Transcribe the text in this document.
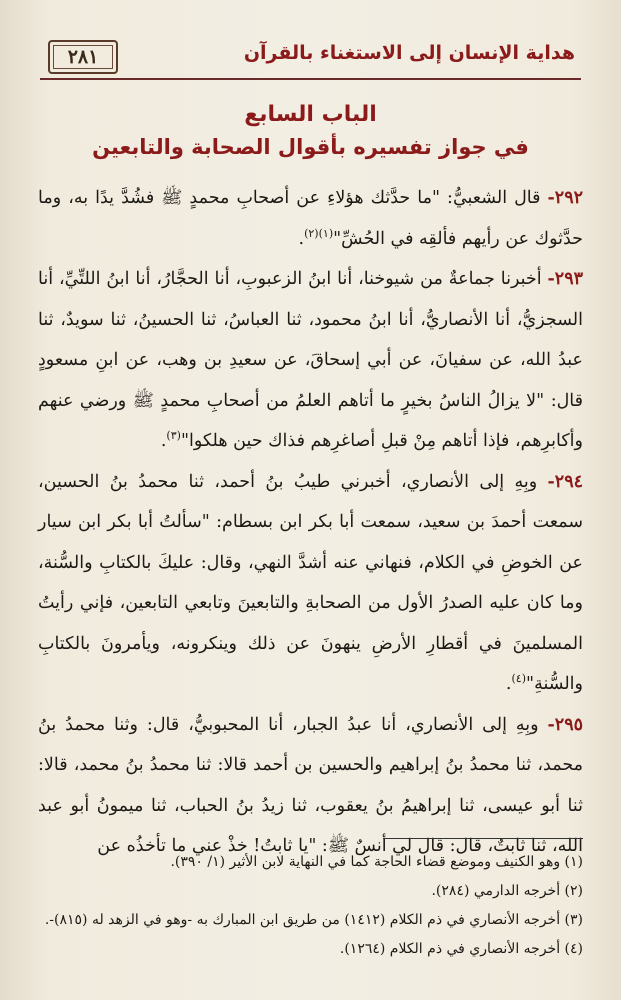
هداية الإنسان إلى الاستغناء بالقرآن
٢٨١
الباب السابع
في جواز تفسيره بأقوال الصحابة والتابعين

٢٩٢- قال الشعبيُّ: "ما حدَّثك هؤلاءِ عن أصحابِ محمدٍ ﷺ فشُدَّ يدًا به، وما حدَّثوك عن رأيهم فألقِه في الحُشِّ"$^{(١)(٢)}$.

٢٩٣- أخبرنا جماعةٌ من شيوخنا، أنا ابنُ الزعبوبِ، أنا الحجَّارُ، أنا ابنُ اللتِّيِّ، أنا السجزيُّ، أنا الأنصاريُّ، أنا ابنُ محمود، ثنا العباسُ، ثنا الحسينُ، ثنا سويدٌ، ثنا عبدُ الله، عن سفيانَ، عن أبي إسحاقَ، عن سعيدِ بن وهب، عن ابنِ مسعودٍ قال: "لا يزالُ الناسُ بخيرٍ ما أتاهم العلمُ من أصحابِ محمدٍ ﷺ ورضي عنهم وأكابرِهم، فإذا أتاهم مِنْ قبلِ أصاغرِهم فذاك حين هلكوا"$^{(٣)}$.

٢٩٤- وبِهِ إلى الأنصاري، أخبرني طيبُ بنُ أحمد، ثنا محمدُ بنُ الحسين، سمعت أحمدَ بن سعيد، سمعت أبا بكر ابن بسطام: "سألتُ أبا بكر ابن سيار عن الخوضِ في الكلام، فنهاني عنه أشدَّ النهي، وقال: عليكَ بالكتابِ والسُّنة، وما كان عليه الصدرُ الأول من الصحابةِ والتابعينَ وتابعي التابعين، فإني رأيتُ المسلمينَ في أقطارِ الأرضِ ينهونَ عن ذلك وينكرونه، ويأمرونَ بالكتابِ والسُّنةِ"$^{(٤)}$.

٢٩٥- وبِهِ إلى الأنصاري، أنا عبدُ الجبار، أنا المحبوبيُّ، قال: وثنا محمدُ بنُ محمد، ثنا محمدُ بنُ إبراهيم والحسين بن أحمد قالا: ثنا محمدُ بنُ محمد، قالا: ثنا أبو عيسى، ثنا إبراهيمُ بنُ يعقوب، ثنا زيدُ بنُ الحباب، ثنا ميمونُ أبو عبد الله، ثنا ثابتٌ، قال: قال لي أنسٌ ﷺ: "يا ثابتُ! خذْ عني ما تأخذُه عن

(١) وهو الكنيف وموضع قضاء الحاجة كما في النهاية لابن الأثير (١/ ٣٩٠).

(٢) أخرجه الدارمي (٢٨٤).

(٣) أخرجه الأنصاري في ذم الكلام (١٤١٢) من طريق ابن المبارك به -وهو في الزهد له (٨١٥)-.

(٤) أخرجه الأنصاري في ذم الكلام (١٢٦٤).
